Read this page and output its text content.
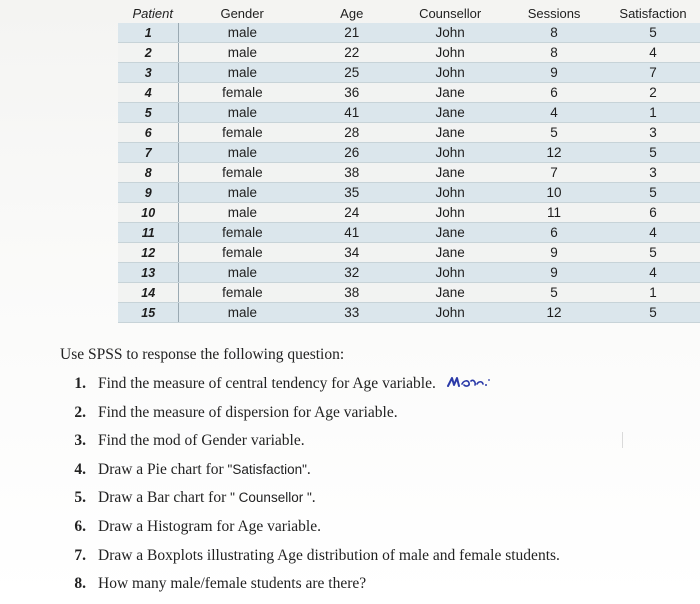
Patient	Gender	Age	Counsellor	Sessions	Satisfaction
1	male	21	John	8	5
2	male	22	John	8	4
3	male	25	John	9	7
4	female	36	Jane	6	2
5	male	41	Jane	4	1
6	female	28	Jane	5	3
7	male	26	John	12	5
8	female	38	Jane	7	3
9	male	35	John	10	5
10	male	24	John	11	6
11	female	41	Jane	6	4
12	female	34	Jane	9	5
13	male	32	John	9	4
14	female	38	Jane	5	1
15	male	33	John	12	5

Use SPSS to response the following question:

1. Find the measure of central tendency for Age variable.
2. Find the measure of dispersion for Age variable.
3. Find the mod of Gender variable.
4. Draw a Pie chart for "Satisfaction".
5. Draw a Bar chart for " Counsellor ".
6. Draw a Histogram for Age variable.
7. Draw a Boxplots illustrating Age distribution of male and female students.
8. How many male/female students are there?
